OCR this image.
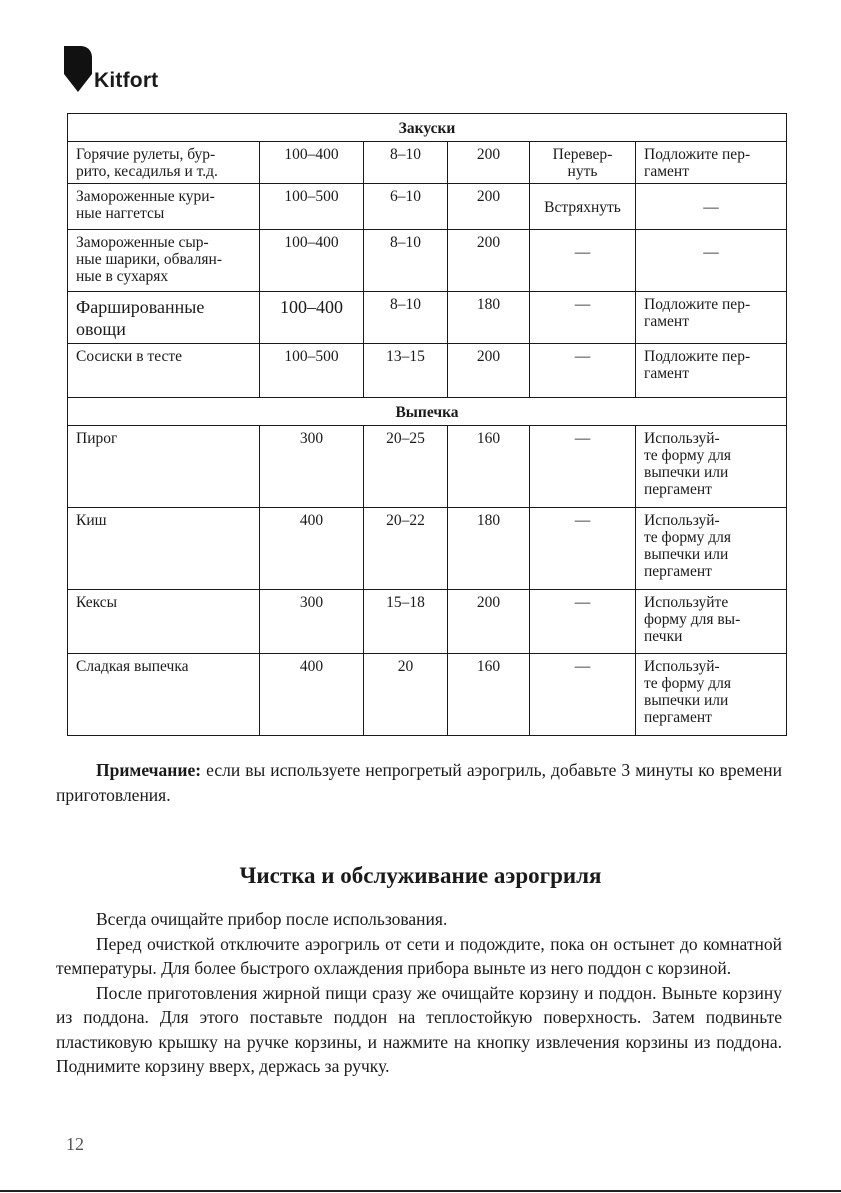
Kitfort
Закуски					
Горячие рулеты, бур-
рито, кесадилья и т.д.	100–400	8–10	200	Перевер-
нуть	Подложите пер-
гамент
Замороженные кури-
ные наггетсы	100–500	6–10	200	Встряхнуть	—
Замороженные сыр-
ные шарики, обвалян-
ные в сухарях	100–400	8–10	200	—	—
Фаршированные
овощи	100–400	8–10	180	—	Подложите пер-
гамент
Сосиски в тесте	100–500	13–15	200	—	Подложите пер-
гамент
Выпечка					
Пирог	300	20–25	160	—	Используй-
те форму для
выпечки или
пергамент
Киш	400	20–22	180	—	Используй-
те форму для
выпечки или
пергамент
Кексы	300	15–18	200	—	Используйте
форму для вы-
печки
Сладкая выпечка	400	20	160	—	Используй-
те форму для
выпечки или
пергамент

Примечание: если вы используете непрогретый аэрогриль, добавьте 3 минуты ко времени приготовления.

Чистка и обслуживание аэрогриля

Всегда очищайте прибор после использования.

Перед очисткой отключите аэрогриль от сети и подождите, пока он остынет до комнатной температуры. Для более быстрого охлаждения прибора выньте из него поддон с корзиной.

После приготовления жирной пищи сразу же очищайте корзину и поддон. Выньте корзину из поддона. Для этого поставьте поддон на теплостойкую поверхность. Затем подвиньте пластиковую крышку на ручке корзины, и нажмите на кнопку извлечения корзины из поддона. Поднимите корзину вверх, держась за ручку.

12
